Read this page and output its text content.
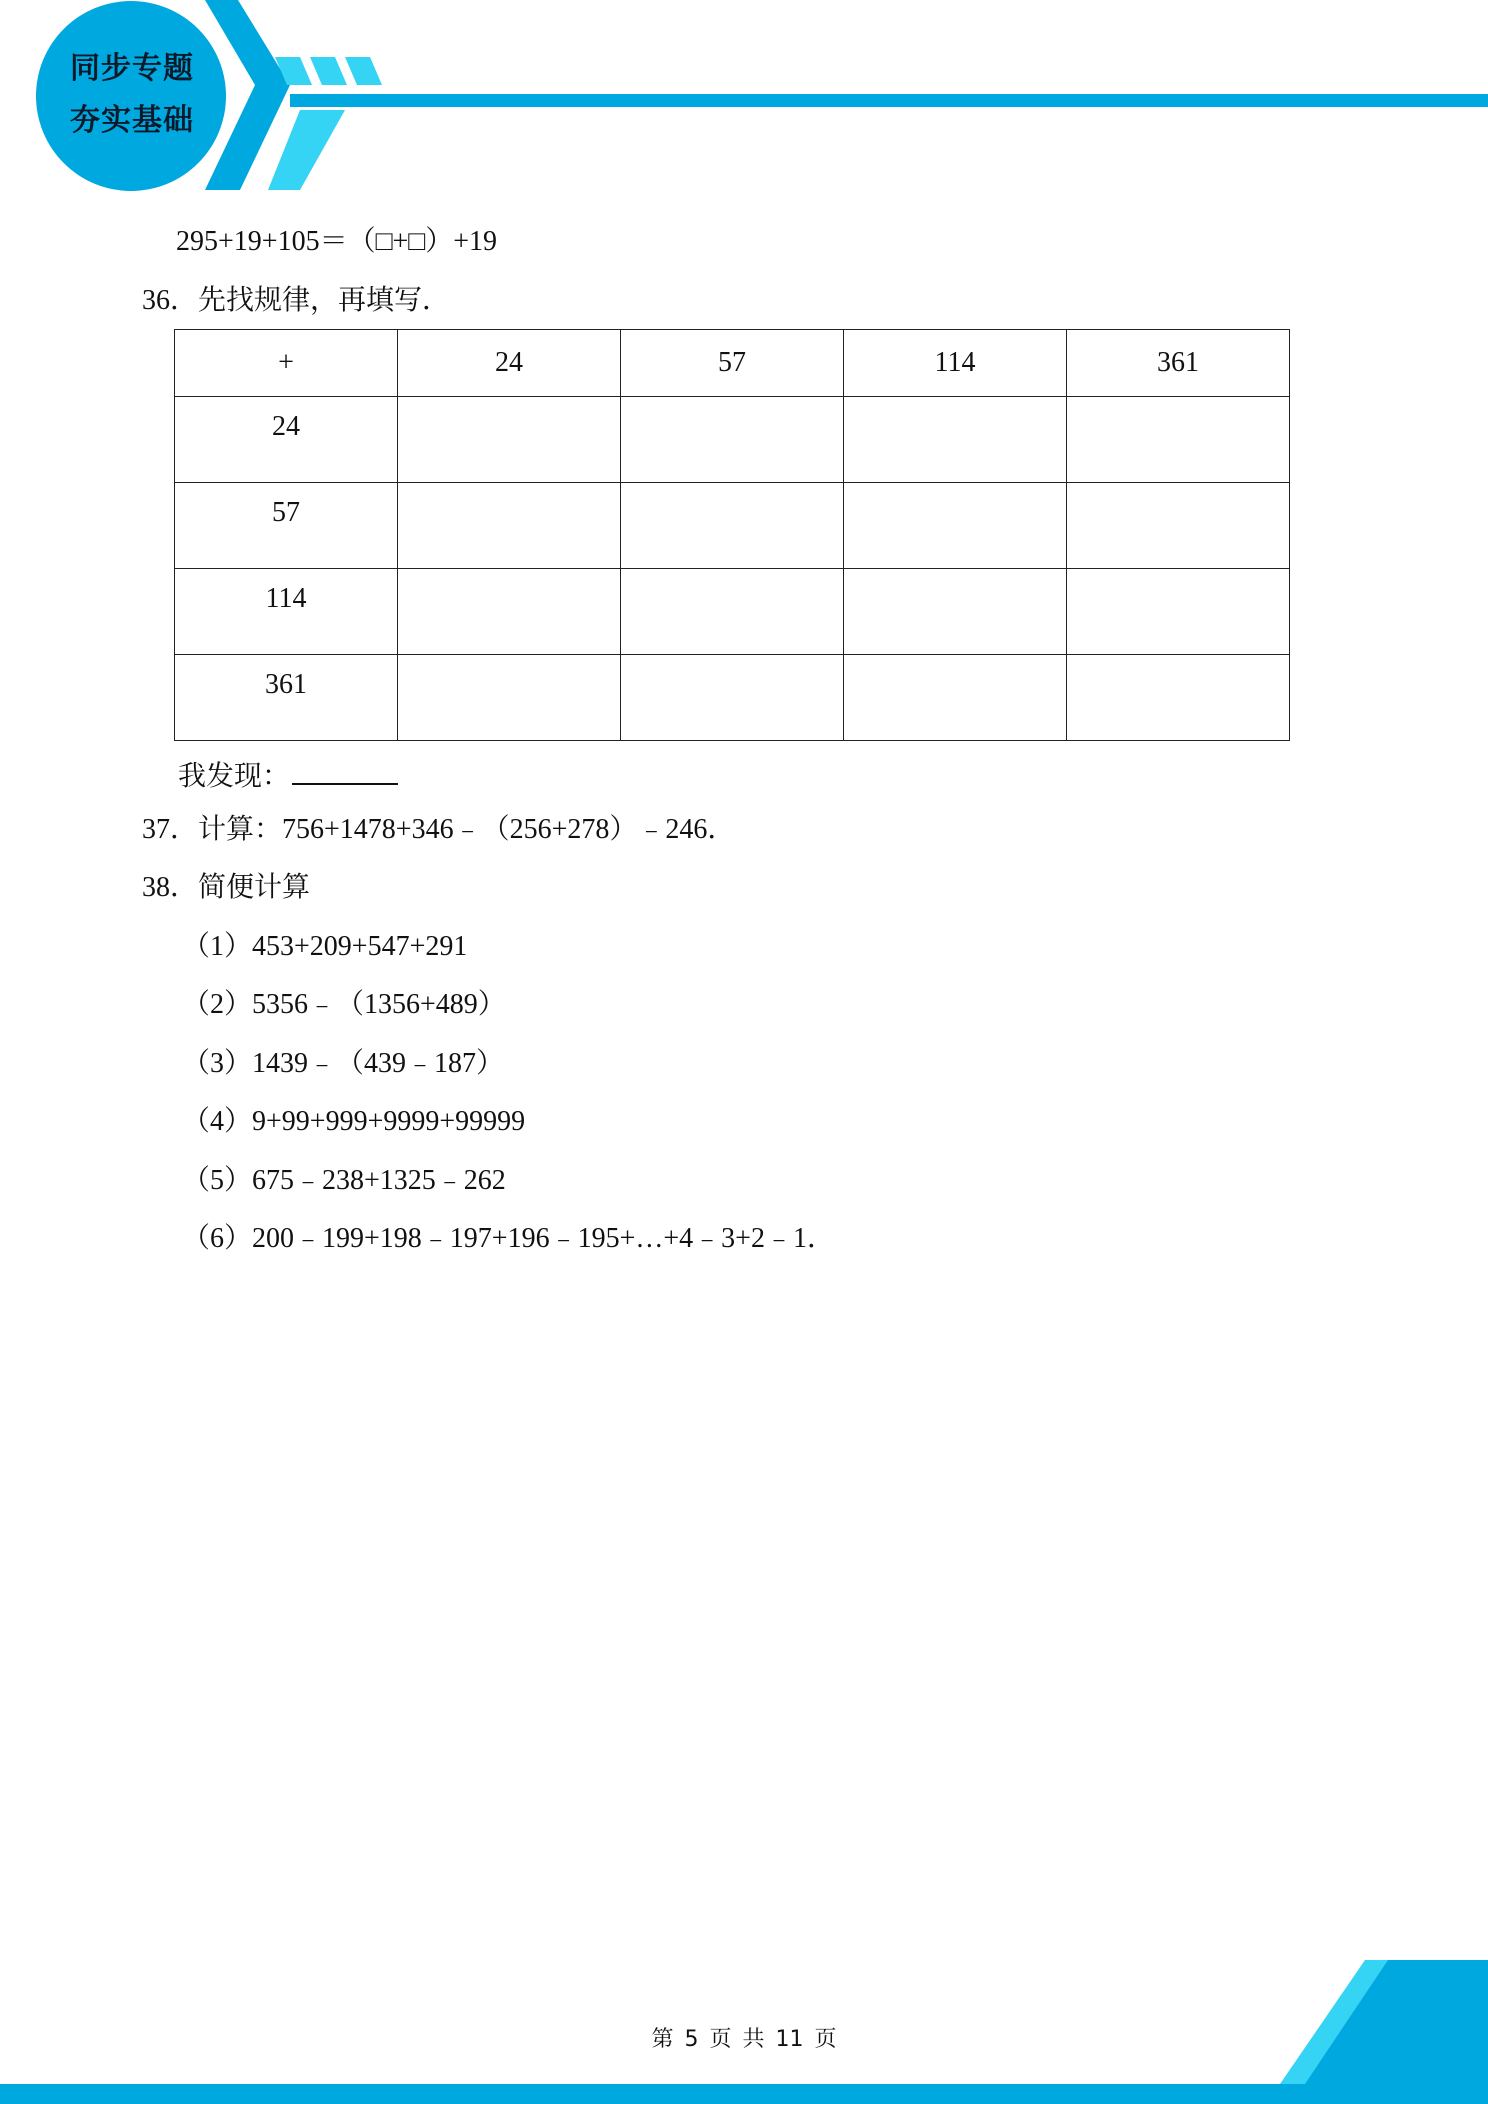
同步专题
夯实基础
295+19+105＝（□+□）+19
36．先找规律，再填写．
+	24	57	114	361
24				
57				
114				
361				
我发现：
37．计算：756+1478+346﹣（256+278）﹣246．
38．简便计算
（1）453+209+547+291
（2）5356﹣（1356+489）
（3）1439﹣（439﹣187）
（4）9+99+999+9999+99999
（5）675﹣238+1325﹣262
（6）200﹣199+198﹣197+196﹣195+…+4﹣3+2﹣1．
第 5 页 共 11 页
